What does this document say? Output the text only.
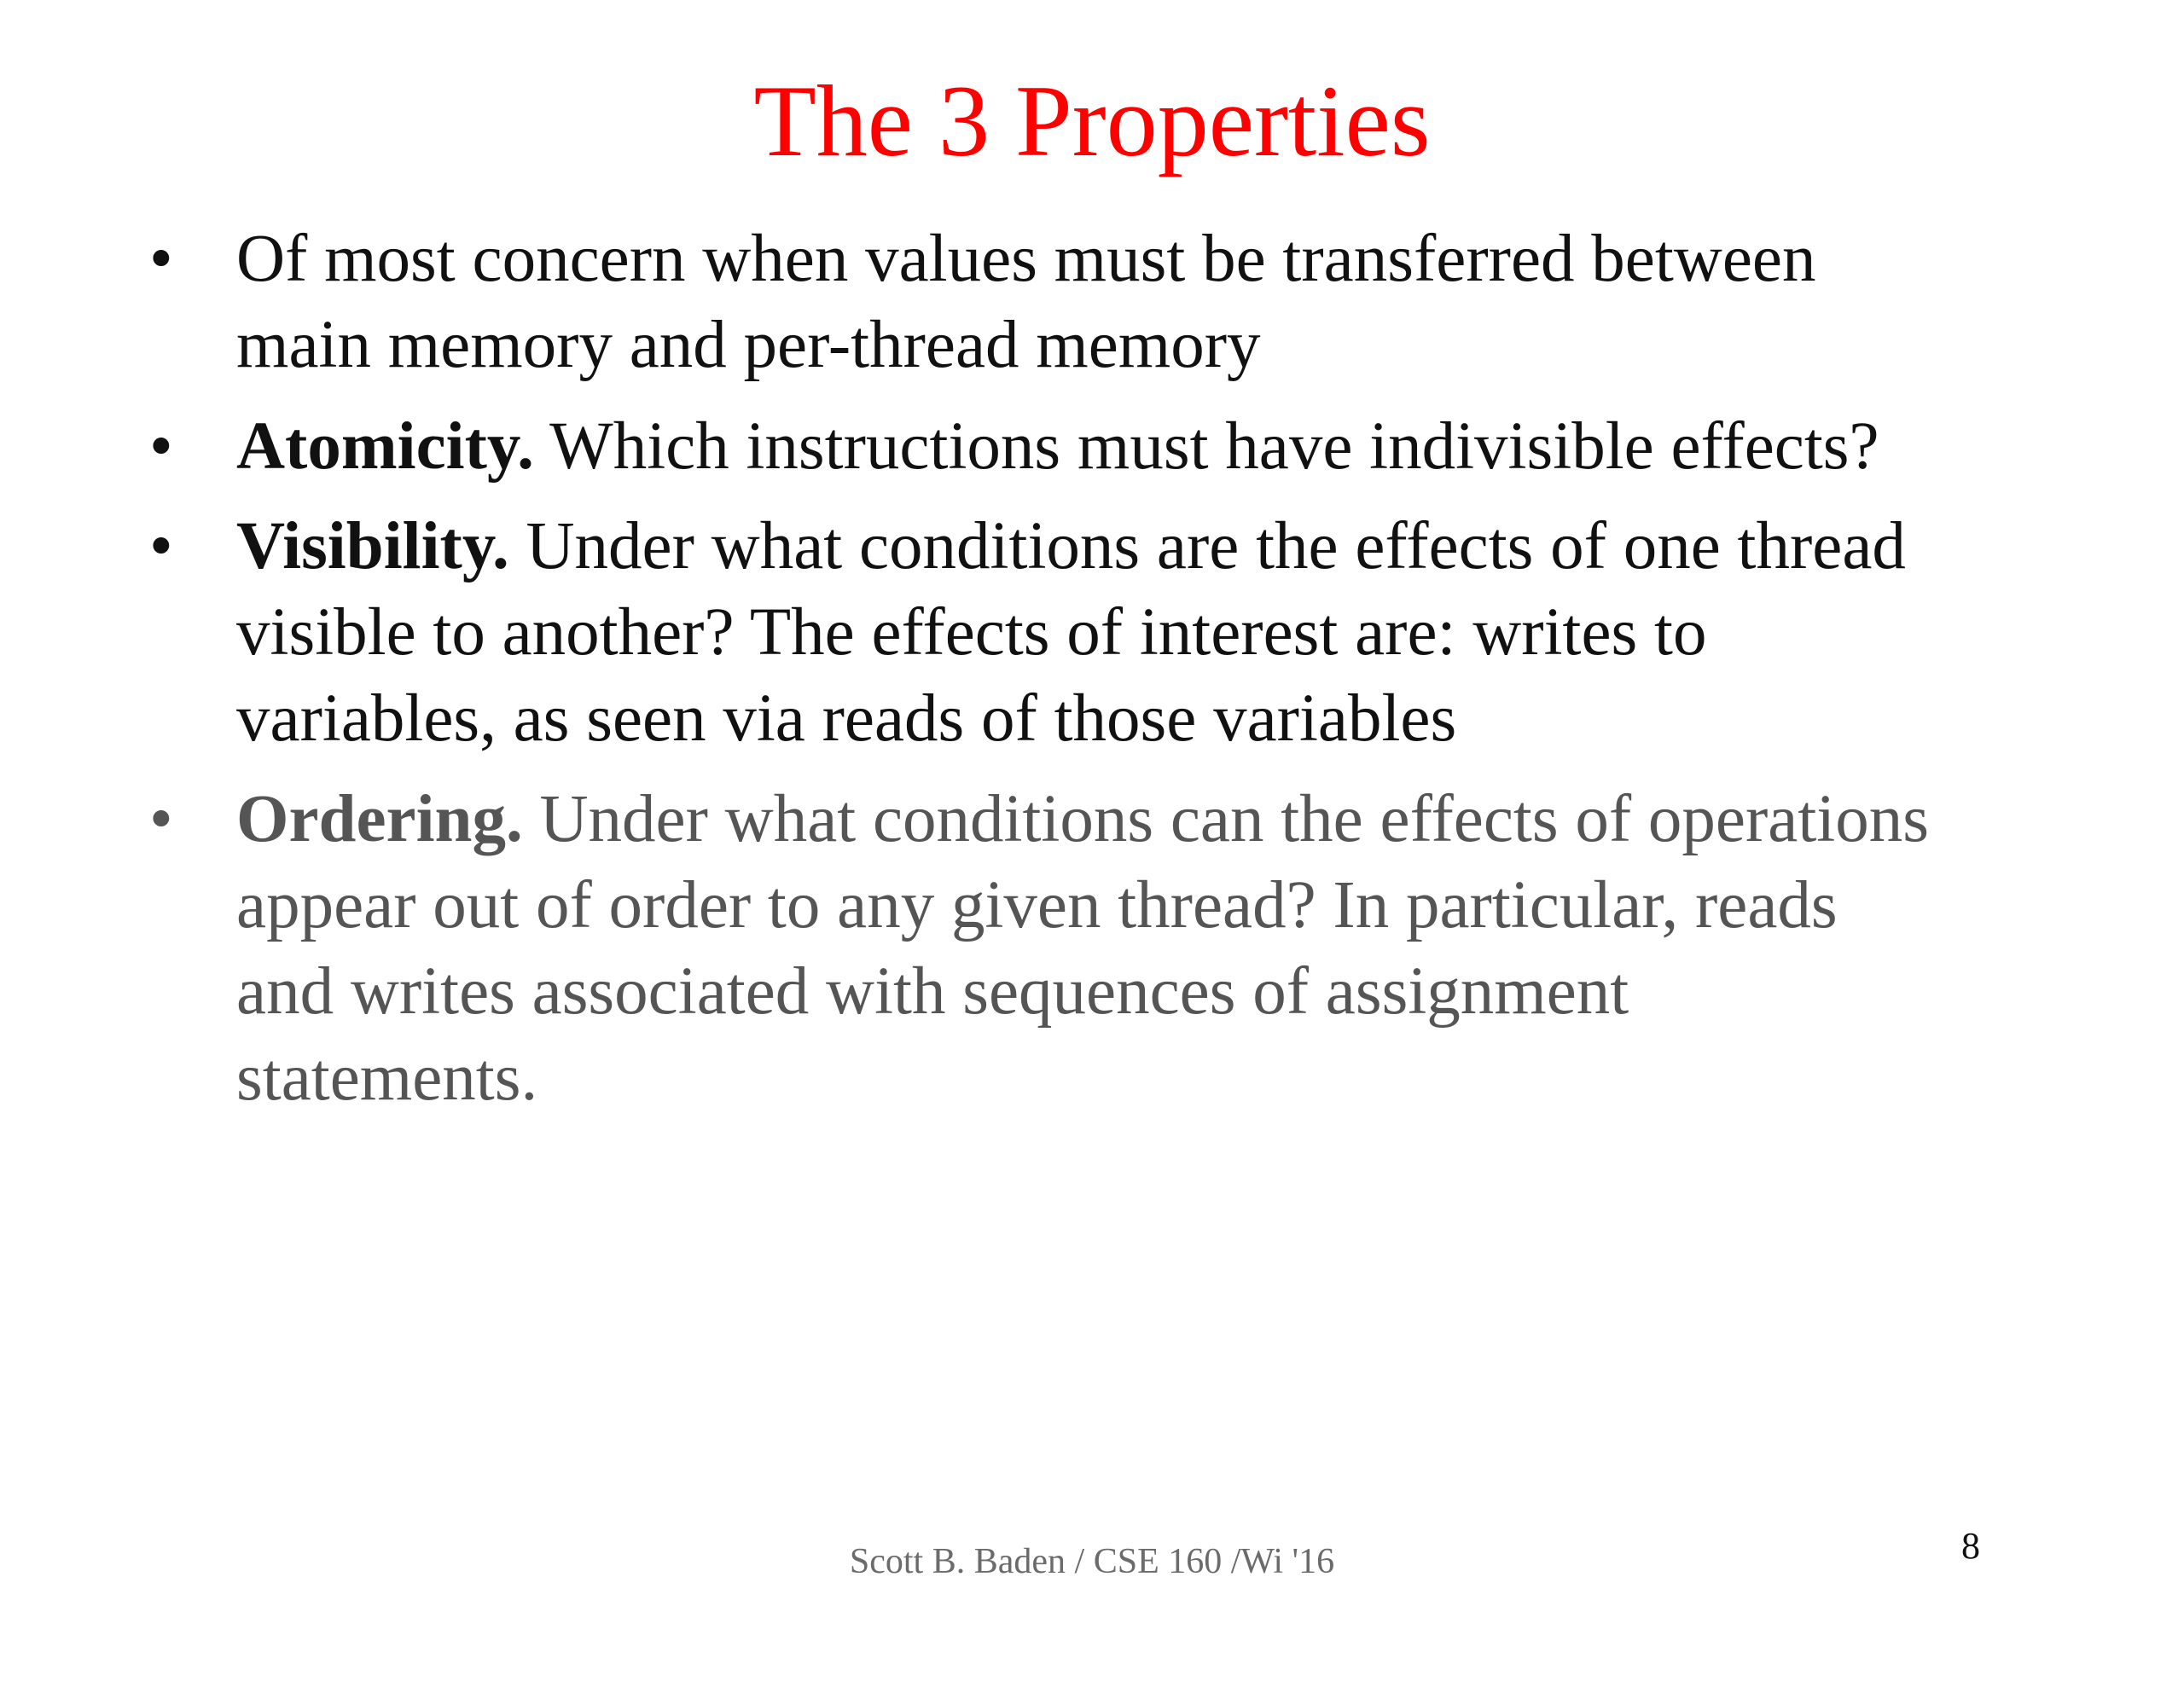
The 3 Properties
• Of most concern when values must be transferred between
main memory and per-thread memory
• Atomicity. Which instructions must have indivisible effects?
• Visibility. Under what conditions are the effects of one thread
visible to another? The effects of interest are: writes to
variables, as seen via reads of those variables
• Ordering. Under what conditions can the effects of operations
appear out of order to any given thread? In particular, reads
and writes associated with sequences of assignment
statements.
Scott B. Baden / CSE 160 /Wi '16	8
